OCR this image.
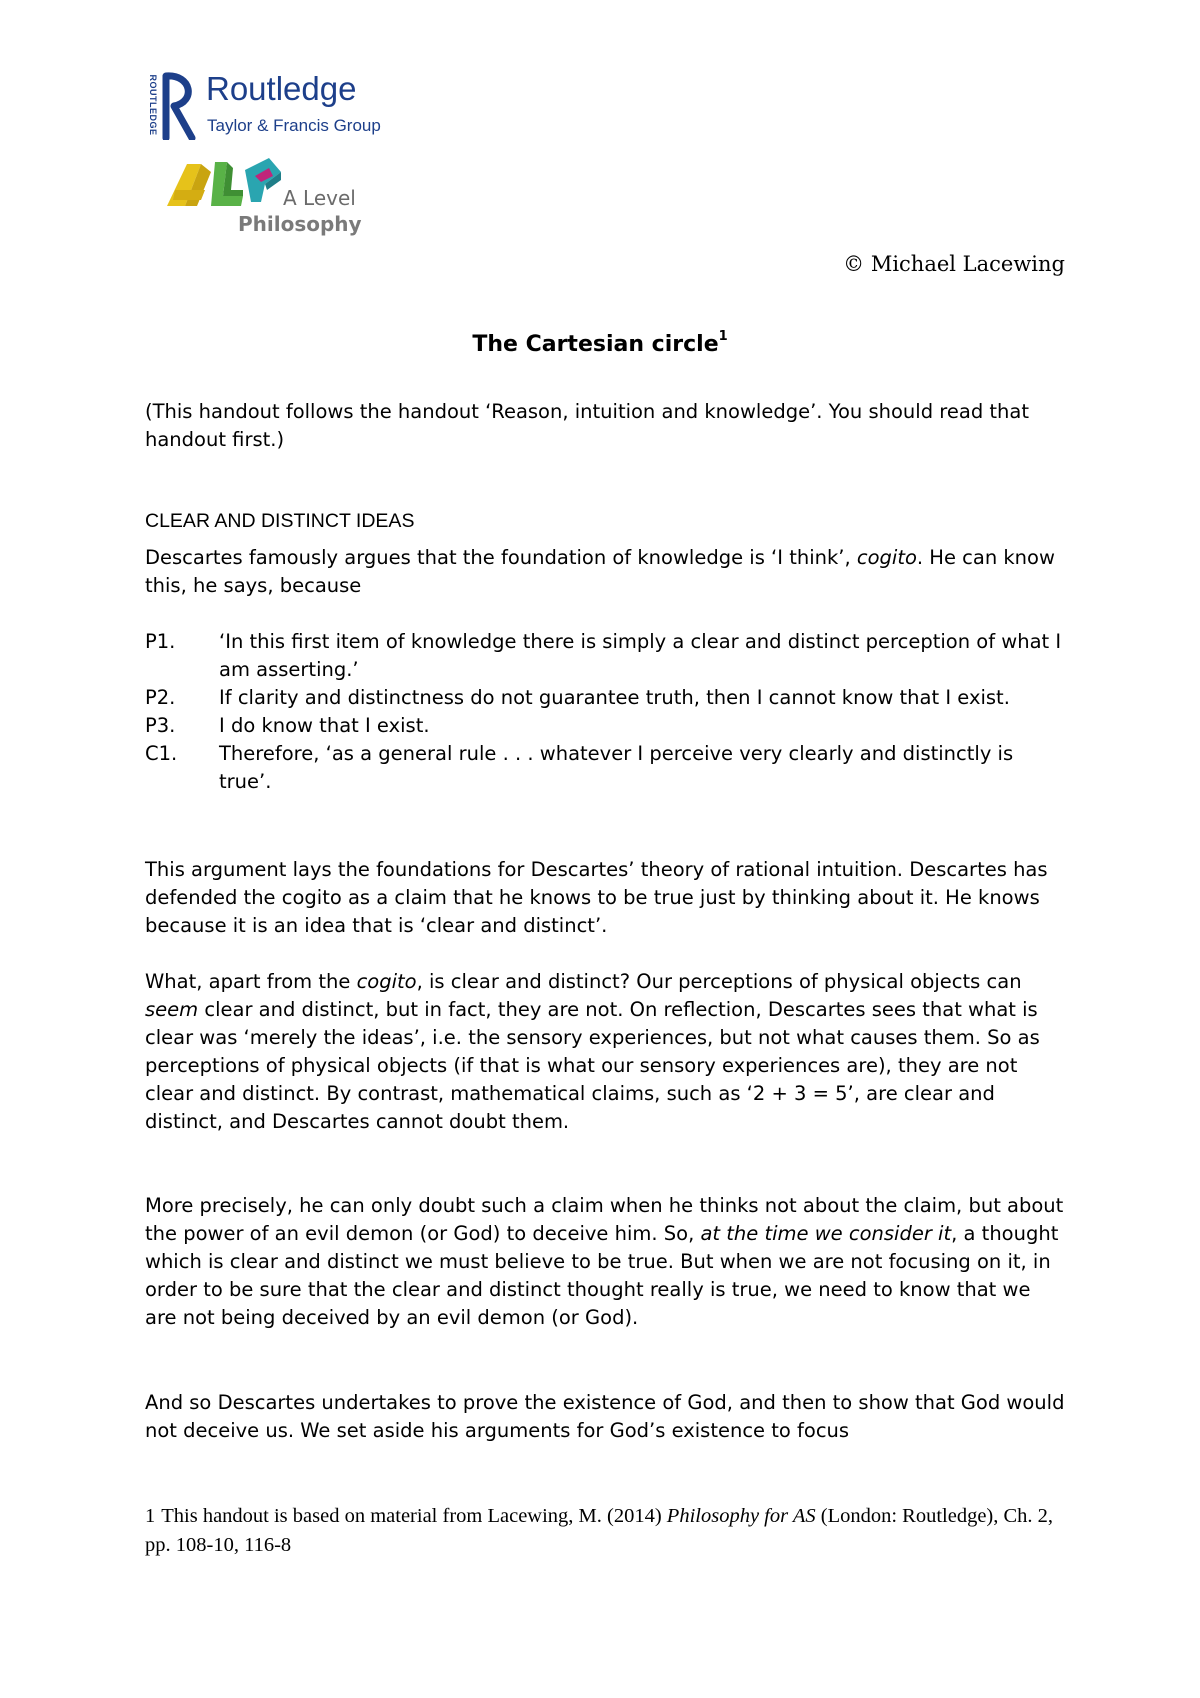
ROUTLEDGE Routledge
Taylor & Francis Group
A Level
Philosophy
© Michael Lacewing
The Cartesian circle$^1$
(This handout follows the handout ‘Reason, intuition and knowledge’. You should read that handout first.)
CLEAR AND DISTINCT IDEAS
Descartes famously argues that the foundation of knowledge is ‘I think’, cogito. He can know this, he says, because
P1.	‘In this first item of knowledge there is simply a clear and distinct perception of what I am asserting.’
P2.	If clarity and distinctness do not guarantee truth, then I cannot know that I exist.
P3.	I do know that I exist.
C1.	Therefore, ‘as a general rule . . . whatever I perceive very clearly and distinctly is true’.
This argument lays the foundations for Descartes’ theory of rational intuition. Descartes has defended the cogito as a claim that he knows to be true just by thinking about it. He knows because it is an idea that is ‘clear and distinct’.
What, apart from the cogito, is clear and distinct? Our perceptions of physical objects can seem clear and distinct, but in fact, they are not. On reflection, Descartes sees that what is clear was ‘merely the ideas’, i.e. the sensory experiences, but not what causes them. So as perceptions of physical objects (if that is what our sensory experiences are), they are not clear and distinct. By contrast, mathematical claims, such as ‘2 + 3 = 5’, are clear and distinct, and Descartes cannot doubt them.
More precisely, he can only doubt such a claim when he thinks not about the claim, but about the power of an evil demon (or God) to deceive him. So, at the time we consider it, a thought which is clear and distinct we must believe to be true. But when we are not focusing on it, in order to be sure that the clear and distinct thought really is true, we need to know that we are not being deceived by an evil demon (or God).
And so Descartes undertakes to prove the existence of God, and then to show that God would not deceive us. We set aside his arguments for God’s existence to focus
1 This handout is based on material from Lacewing, M. (2014) Philosophy for AS (London: Routledge), Ch. 2, pp. 108-10, 116-8
